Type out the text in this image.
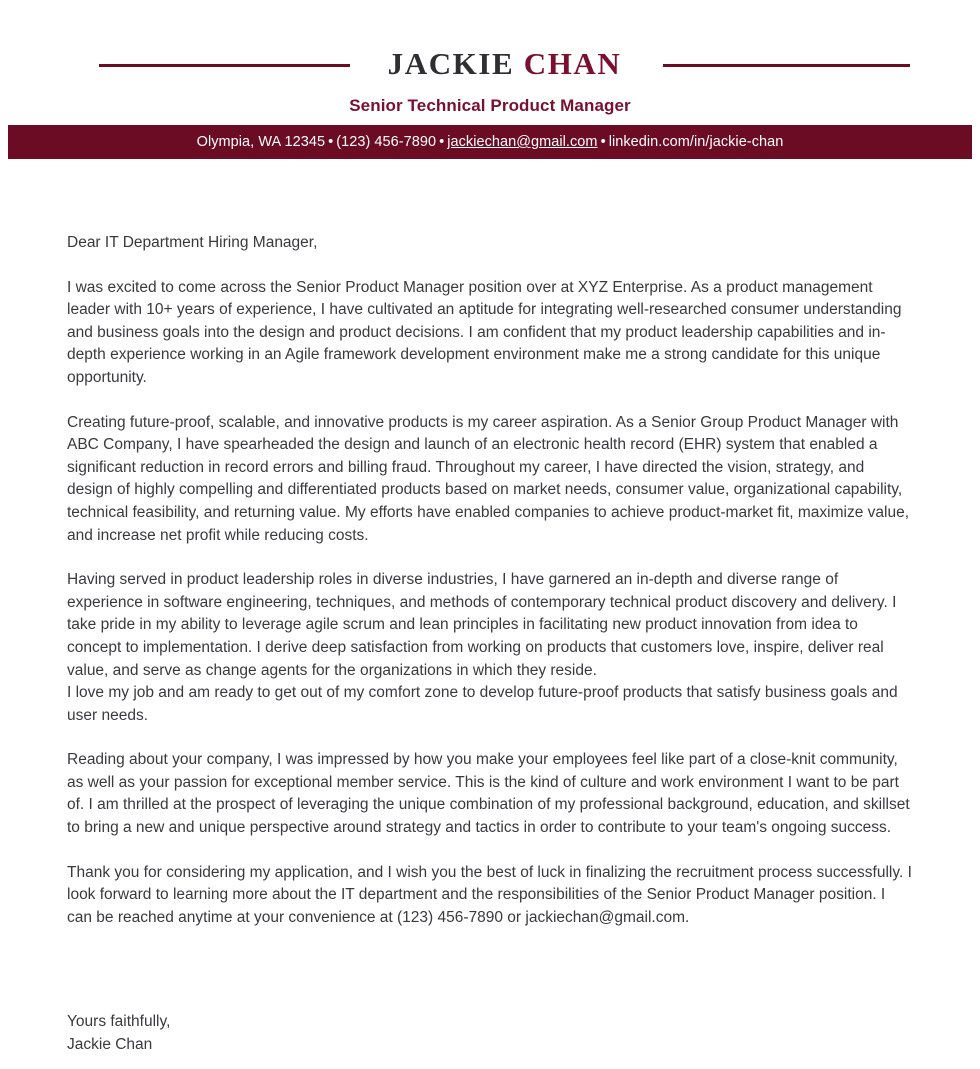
JACKIE CHAN
Senior Technical Product Manager
Olympia, WA 12345 • (123) 456-7890 • jackiechan@gmail.com • linkedin.com/in/jackie-chan

Dear IT Department Hiring Manager,

I was excited to come across the Senior Product Manager position over at XYZ Enterprise. As a product management leader with 10+ years of experience, I have cultivated an aptitude for integrating well-researched consumer understanding and business goals into the design and product decisions. I am confident that my product leadership capabilities and in-depth experience working in an Agile framework development environment make me a strong candidate for this unique opportunity.

Creating future-proof, scalable, and innovative products is my career aspiration. As a Senior Group Product Manager with ABC Company, I have spearheaded the design and launch of an electronic health record (EHR) system that enabled a significant reduction in record errors and billing fraud. Throughout my career, I have directed the vision, strategy, and design of highly compelling and differentiated products based on market needs, consumer value, organizational capability, technical feasibility, and returning value. My efforts have enabled companies to achieve product-market fit, maximize value, and increase net profit while reducing costs.

Having served in product leadership roles in diverse industries, I have garnered an in-depth and diverse range of experience in software engineering, techniques, and methods of contemporary technical product discovery and delivery. I take pride in my ability to leverage agile scrum and lean principles in facilitating new product innovation from idea to concept to implementation. I derive deep satisfaction from working on products that customers love, inspire, deliver real value, and serve as change agents for the organizations in which they reside.
I love my job and am ready to get out of my comfort zone to develop future-proof products that satisfy business goals and user needs.

Reading about your company, I was impressed by how you make your employees feel like part of a close-knit community, as well as your passion for exceptional member service. This is the kind of culture and work environment I want to be part of. I am thrilled at the prospect of leveraging the unique combination of my professional background, education, and skillset to bring a new and unique perspective around strategy and tactics in order to contribute to your team's ongoing success.

Thank you for considering my application, and I wish you the best of luck in finalizing the recruitment process successfully. I look forward to learning more about the IT department and the responsibilities of the Senior Product Manager position. I can be reached anytime at your convenience at (123) 456-7890 or jackiechan@gmail.com.

Yours faithfully,
Jackie Chan
